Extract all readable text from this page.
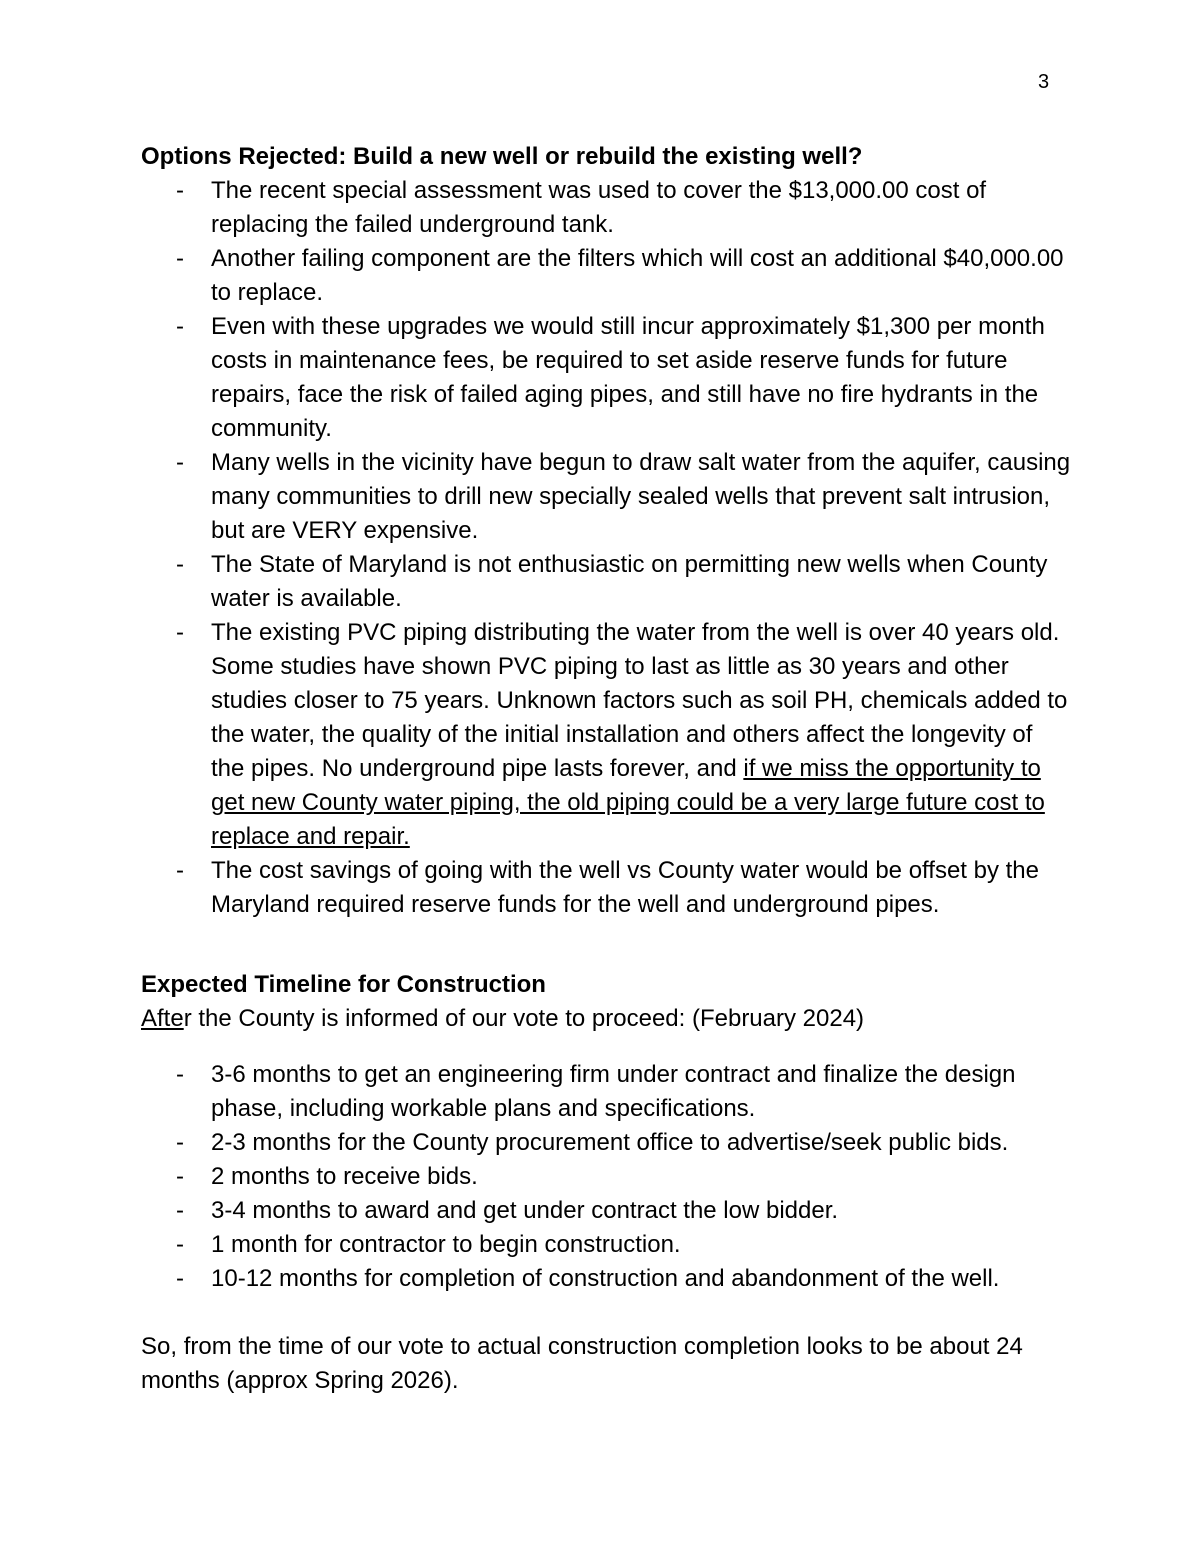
3

Options Rejected: Build a new well or rebuild the existing well?

- The recent special assessment was used to cover the $13,000.00 cost of replacing the failed underground tank.
- Another failing component are the filters which will cost an additional $40,000.00 to replace.
- Even with these upgrades we would still incur approximately $1,300 per month costs in maintenance fees, be required to set aside reserve funds for future repairs, face the risk of failed aging pipes, and still have no fire hydrants in the community.
- Many wells in the vicinity have begun to draw salt water from the aquifer, causing many communities to drill new specially sealed wells that prevent salt intrusion, but are VERY expensive.
- The State of Maryland is not enthusiastic on permitting new wells when County water is available.
- The existing PVC piping distributing the water from the well is over 40 years old. Some studies have shown PVC piping to last as little as 30 years and other studies closer to 75 years. Unknown factors such as soil PH, chemicals added to the water, the quality of the initial installation and others affect the longevity of the pipes. No underground pipe lasts forever, and if we miss the opportunity to get new County water piping, the old piping could be a very large future cost to replace and repair.
- The cost savings of going with the well vs County water would be offset by the Maryland required reserve funds for the well and underground pipes.

Expected Timeline for Construction

After the County is informed of our vote to proceed: (February 2024)

- 3-6 months to get an engineering firm under contract and finalize the design phase, including workable plans and specifications.
- 2-3 months for the County procurement office to advertise/seek public bids.
- 2 months to receive bids.
- 3-4 months to award and get under contract the low bidder.
- 1 month for contractor to begin construction.
- 10-12 months for completion of construction and abandonment of the well.

So, from the time of our vote to actual construction completion looks to be about 24 months (approx Spring 2026).
